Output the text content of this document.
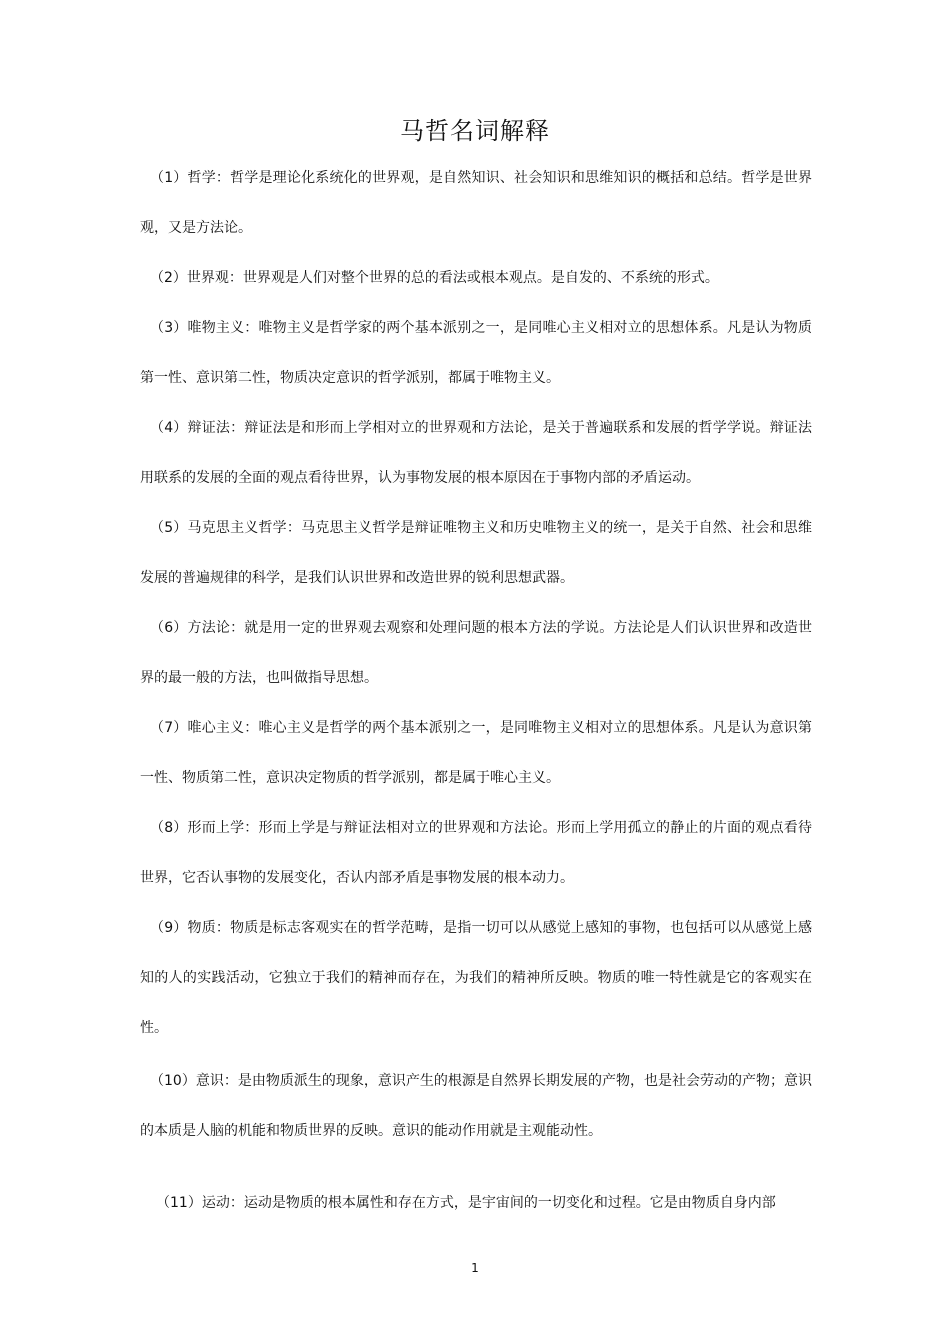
马哲名词解释

（1）哲学：哲学是理论化系统化的世界观，是自然知识、社会知识和思维知识的概括和总结。哲学是世界观，又是方法论。

（2）世界观：世界观是人们对整个世界的总的看法或根本观点。是自发的、不系统的形式。

（3）唯物主义：唯物主义是哲学家的两个基本派别之一，是同唯心主义相对立的思想体系。凡是认为物质第一性、意识第二性，物质决定意识的哲学派别，都属于唯物主义。

（4）辩证法：辩证法是和形而上学相对立的世界观和方法论，是关于普遍联系和发展的哲学学说。辩证法用联系的发展的全面的观点看待世界，认为事物发展的根本原因在于事物内部的矛盾运动。

（5）马克思主义哲学：马克思主义哲学是辩证唯物主义和历史唯物主义的统一，是关于自然、社会和思维发展的普遍规律的科学，是我们认识世界和改造世界的锐利思想武器。

（6）方法论：就是用一定的世界观去观察和处理问题的根本方法的学说。方法论是人们认识世界和改造世界的最一般的方法，也叫做指导思想。

（7）唯心主义：唯心主义是哲学的两个基本派别之一，是同唯物主义相对立的思想体系。凡是认为意识第一性、物质第二性，意识决定物质的哲学派别，都是属于唯心主义。

（8）形而上学：形而上学是与辩证法相对立的世界观和方法论。形而上学用孤立的静止的片面的观点看待世界，它否认事物的发展变化，否认内部矛盾是事物发展的根本动力。

（9）物质：物质是标志客观实在的哲学范畴，是指一切可以从感觉上感知的事物，也包括可以从感觉上感知的人的实践活动，它独立于我们的精神而存在，为我们的精神所反映。物质的唯一特性就是它的客观实在性。

（10）意识：是由物质派生的现象，意识产生的根源是自然界长期发展的产物，也是社会劳动的产物；意识的本质是人脑的机能和物质世界的反映。意识的能动作用就是主观能动性。

（11）运动：运动是物质的根本属性和存在方式，是宇宙间的一切变化和过程。它是由物质自身内部

1
